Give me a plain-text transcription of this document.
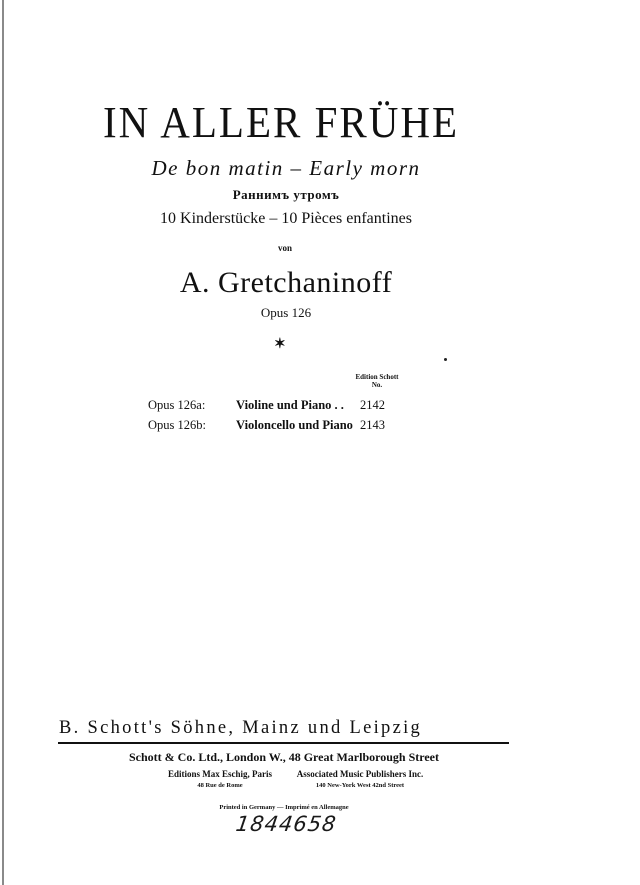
IN ALLER FRÜHE
De bon matin – Early morn
Раннимъ утромъ
10 Kinderstücke – 10 Pièces enfantines
von
A. Gretchaninoff
Opus 126
✶
Edition Schott
No.
Opus 126a: Violine und Piano . . 2142
Opus 126b: Violoncello und Piano 2143
B. Schott's Söhne, Mainz und Leipzig
Schott & Co. Ltd., London W., 48 Great Marlborough Street
Editions Max Eschig, Paris
48 Rue de Rome
Associated Music Publishers Inc.
140 New-York West 42nd Street
Printed in Germany — Imprimé en Allemagne
1844658
